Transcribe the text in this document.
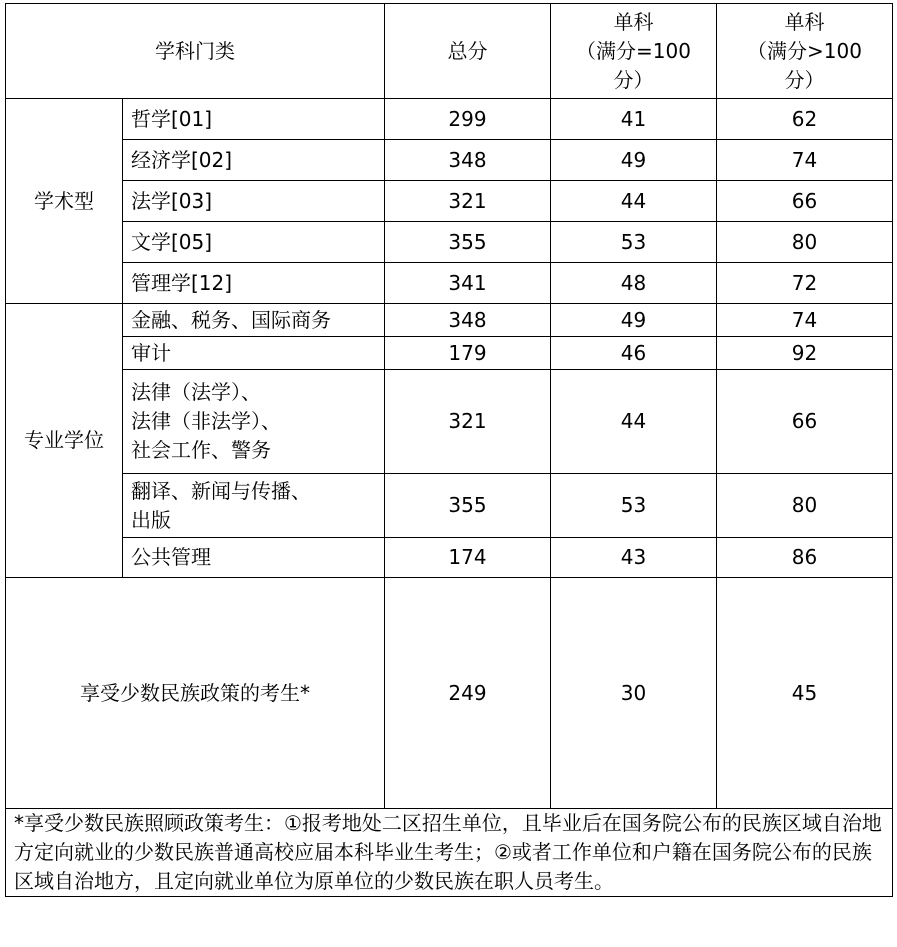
学科门类		总分	单科
（满分=100
分）	单科
（满分>100
分）
学术型	哲学[01]	299	41	62
	经济学[02]	348	49	74
	法学[03]	321	44	66
	文学[05]	355	53	80
	管理学[12]	341	48	72
专业学位	金融、税务、国际商务	348	49	74
	审计	179	46	92
	法律（法学）、
法律（非法学）、
社会工作、警务	321	44	66
	翻译、新闻与传播、
出版	355	53	80
	公共管理	174	43	86
享受少数民族政策的考生*		249	30	45
*享受少数民族照顾政策考生：①报考地处二区招生单位，且毕业后在国务院公布的民族区域自治地方定向就业的少数民族普通高校应届本科毕业生考生；②或者工作单位和户籍在国务院公布的民族区域自治地方，且定向就业单位为原单位的少数民族在职人员考生。				
